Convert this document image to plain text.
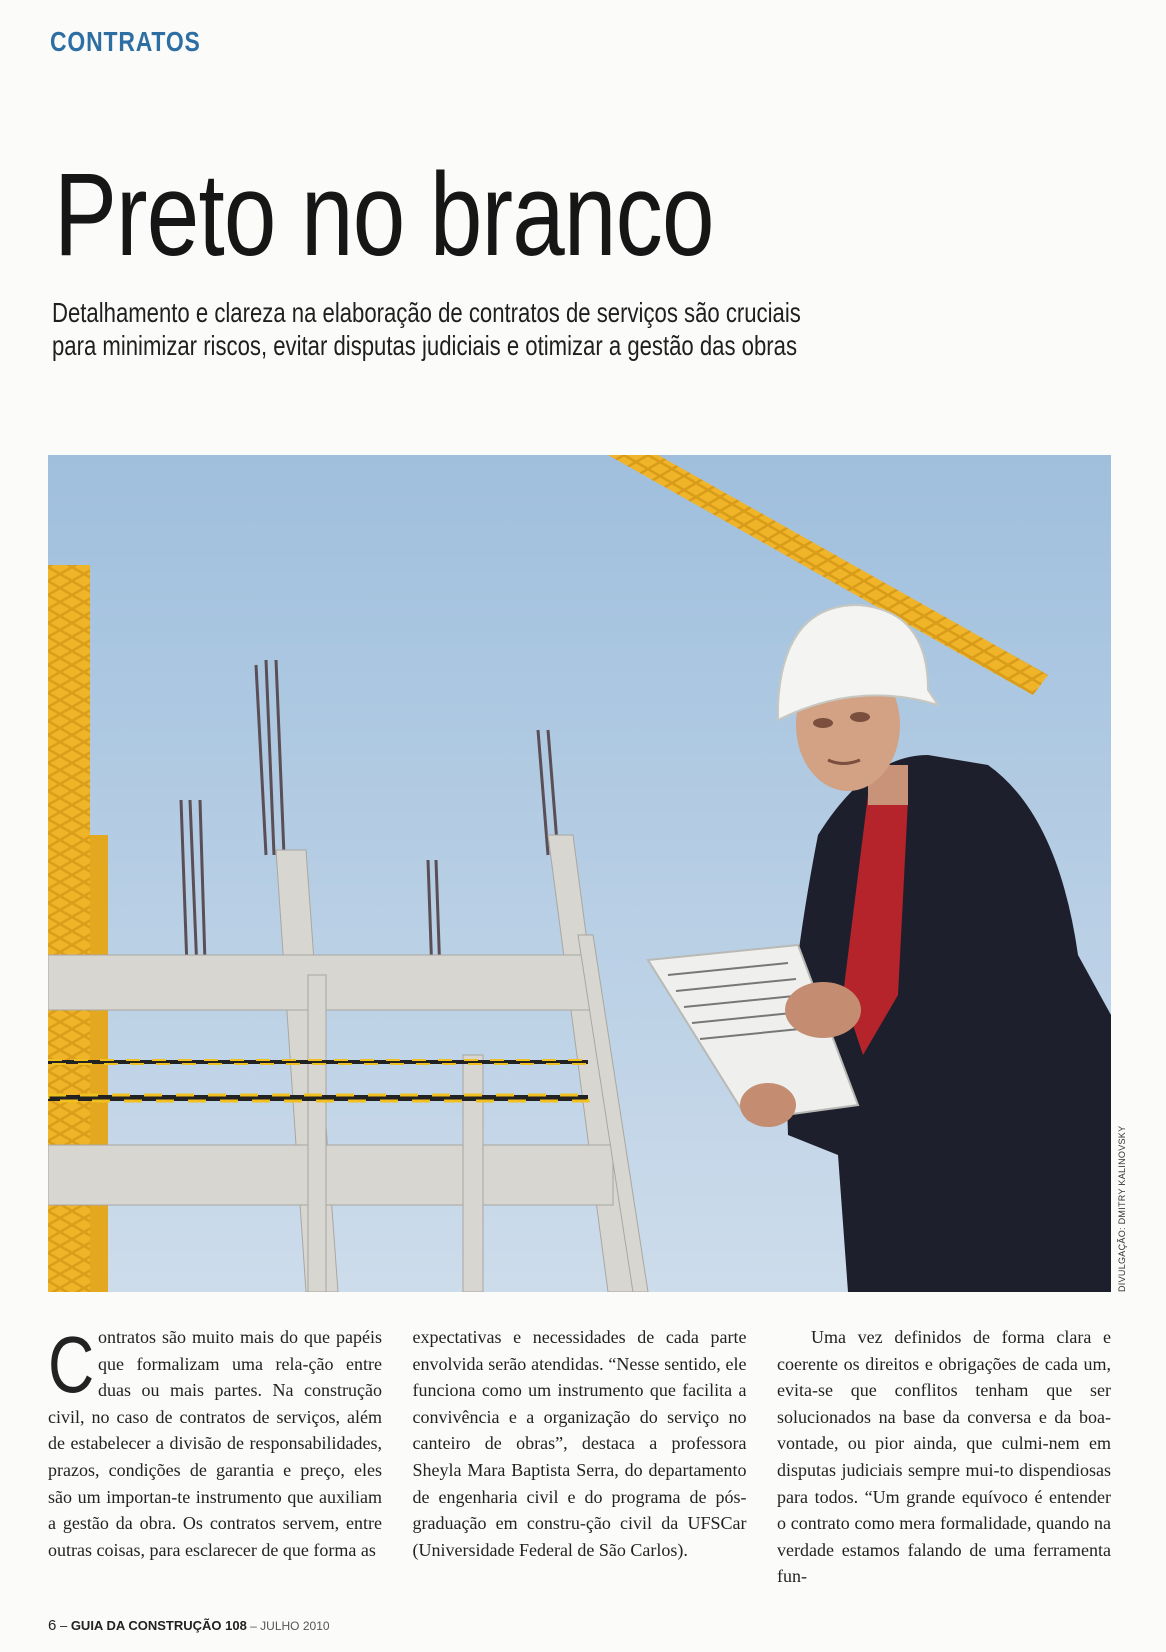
CONTRATOS
Preto no branco
Detalhamento e clareza na elaboração de contratos de serviços são cruciais
para minimizar riscos, evitar disputas judiciais e otimizar a gestão das obras
DIVULGAÇÃO: DMITRY KALINOVSKY

Contratos são muito mais do que papéis que formalizam uma rela-ção entre duas ou mais partes. Na construção civil, no caso de contratos de serviços, além de estabelecer a divisão de responsabilidades, prazos, condições de garantia e preço, eles são um importan-te instrumento que auxiliam a gestão da obra. Os contratos servem, entre outras coisas, para esclarecer de que forma as

expectativas e necessidades de cada parte envolvida serão atendidas. “Nesse sentido, ele funciona como um instrumento que facilita a convivência e a organização do serviço no canteiro de obras”, destaca a professora Sheyla Mara Baptista Serra, do departamento de engenharia civil e do programa de pós-graduação em constru-ção civil da UFSCar (Universidade Federal de São Carlos).

Uma vez definidos de forma clara e coerente os direitos e obrigações de cada um, evita-se que conflitos tenham que ser solucionados na base da conversa e da boa-vontade, ou pior ainda, que culmi-nem em disputas judiciais sempre mui-to dispendiosas para todos. “Um grande equívoco é entender o contrato como mera formalidade, quando na verdade estamos falando de uma ferramenta fun-

6 – GUIA DA CONSTRUÇÃO 108 – JULHO 2010
